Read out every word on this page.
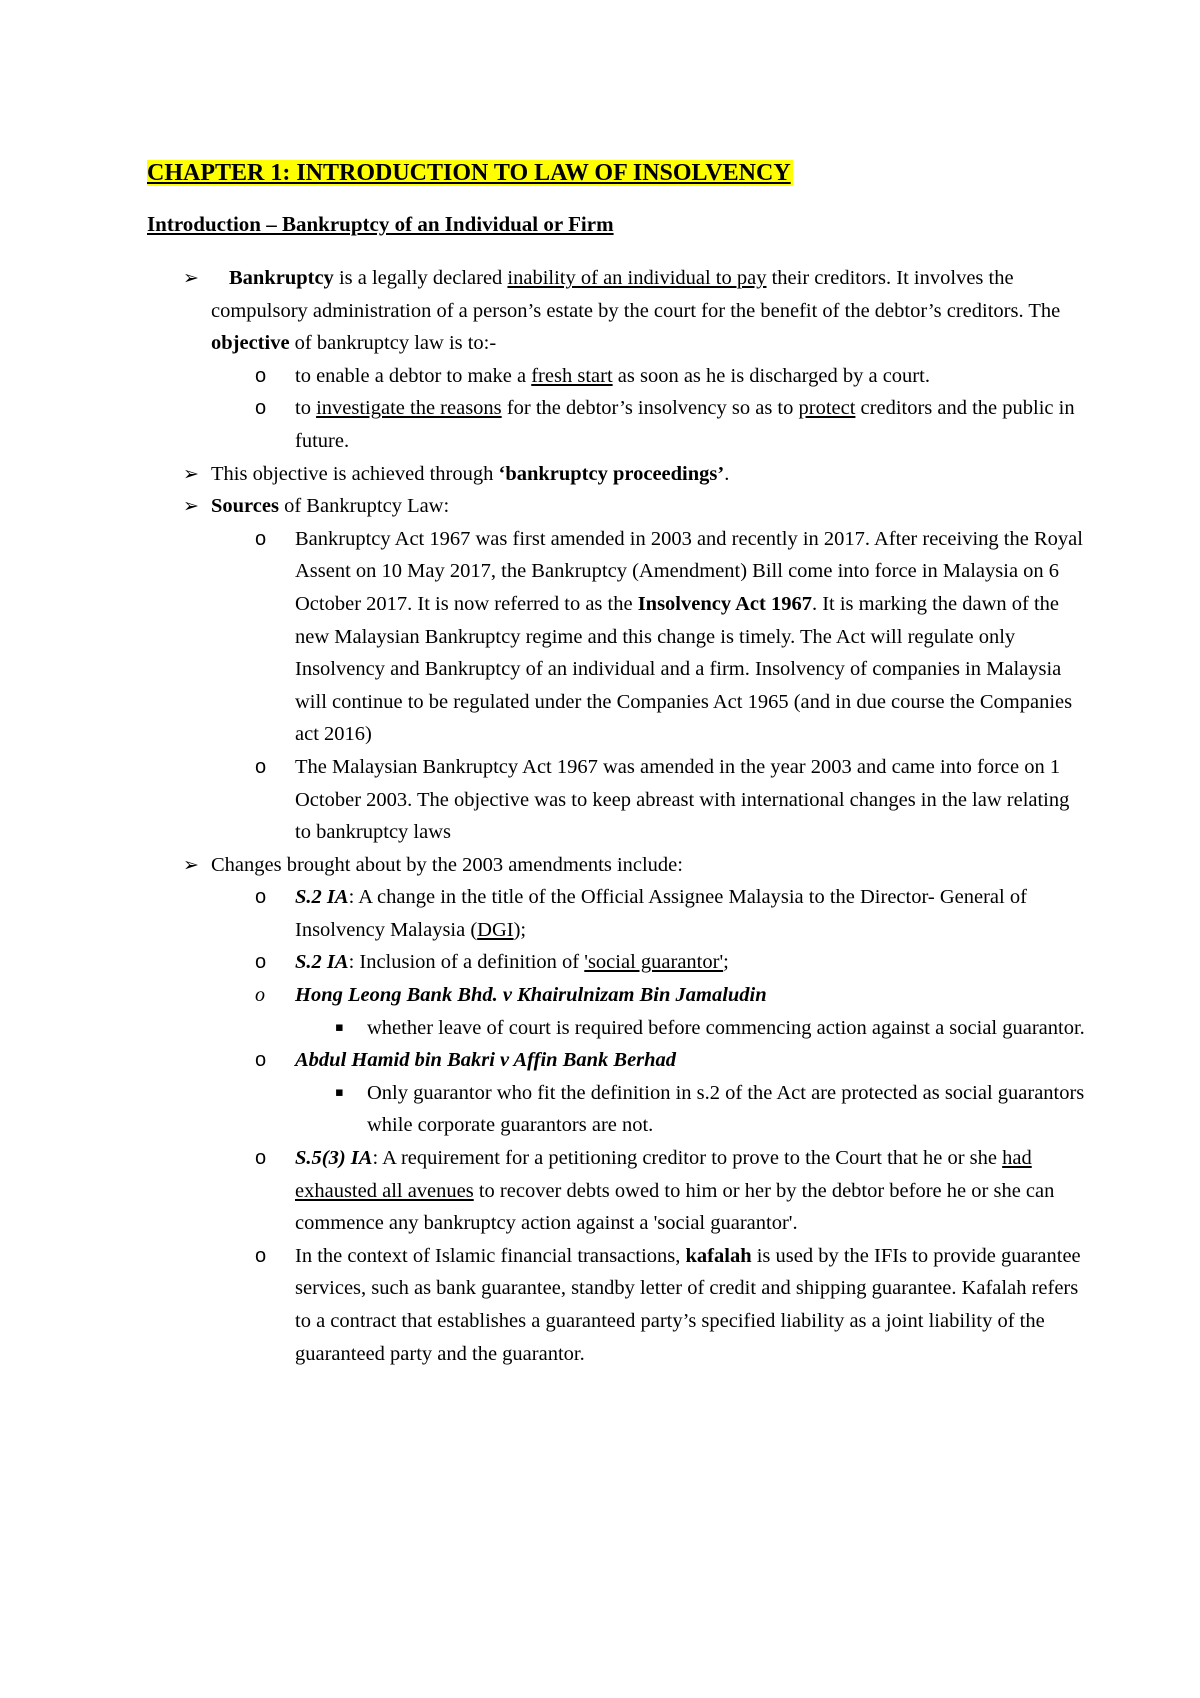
CHAPTER 1: INTRODUCTION TO LAW OF INSOLVENCY
Introduction – Bankruptcy of an Individual or Firm
➢	Bankruptcy is a legally declared inability of an individual to pay their creditors. It involves the compulsory administration of a person’s estate by the court for the benefit of the debtor’s creditors. The objective of bankruptcy law is to:-
o to enable a debtor to make a fresh start as soon as he is discharged by a court.
o to investigate the reasons for the debtor’s insolvency so as to protect creditors and the public in future.
➢ This objective is achieved through ‘bankruptcy proceedings’.
➢ Sources of Bankruptcy Law:
o Bankruptcy Act 1967 was first amended in 2003 and recently in 2017. After receiving the Royal Assent on 10 May 2017, the Bankruptcy (Amendment) Bill come into force in Malaysia on 6 October 2017. It is now referred to as the Insolvency Act 1967. It is marking the dawn of the new Malaysian Bankruptcy regime and this change is timely. The Act will regulate only Insolvency and Bankruptcy of an individual and a firm. Insolvency of companies in Malaysia will continue to be regulated under the Companies Act 1965 (and in due course the Companies act 2016)
o The Malaysian Bankruptcy Act 1967 was amended in the year 2003 and came into force on 1 October 2003. The objective was to keep abreast with international changes in the law relating to bankruptcy laws
➢ Changes brought about by the 2003 amendments include:
o S.2 IA: A change in the title of the Official Assignee Malaysia to the Director- General of Insolvency Malaysia (DGI);
o S.2 IA: Inclusion of a definition of 'social guarantor';
o Hong Leong Bank Bhd. v Khairulnizam Bin Jamaludin
▪ whether leave of court is required before commencing action against a social guarantor.
o Abdul Hamid bin Bakri v Affin Bank Berhad
▪ Only guarantor who fit the definition in s.2 of the Act are protected as social guarantors while corporate guarantors are not.
o S.5(3) IA: A requirement for a petitioning creditor to prove to the Court that he or she had exhausted all avenues to recover debts owed to him or her by the debtor before he or she can commence any bankruptcy action against a 'social guarantor'.
o In the context of Islamic financial transactions, kafalah is used by the IFIs to provide guarantee services, such as bank guarantee, standby letter of credit and shipping guarantee. Kafalah refers to a contract that establishes a guaranteed party’s specified liability as a joint liability of the guaranteed party and the guarantor.
